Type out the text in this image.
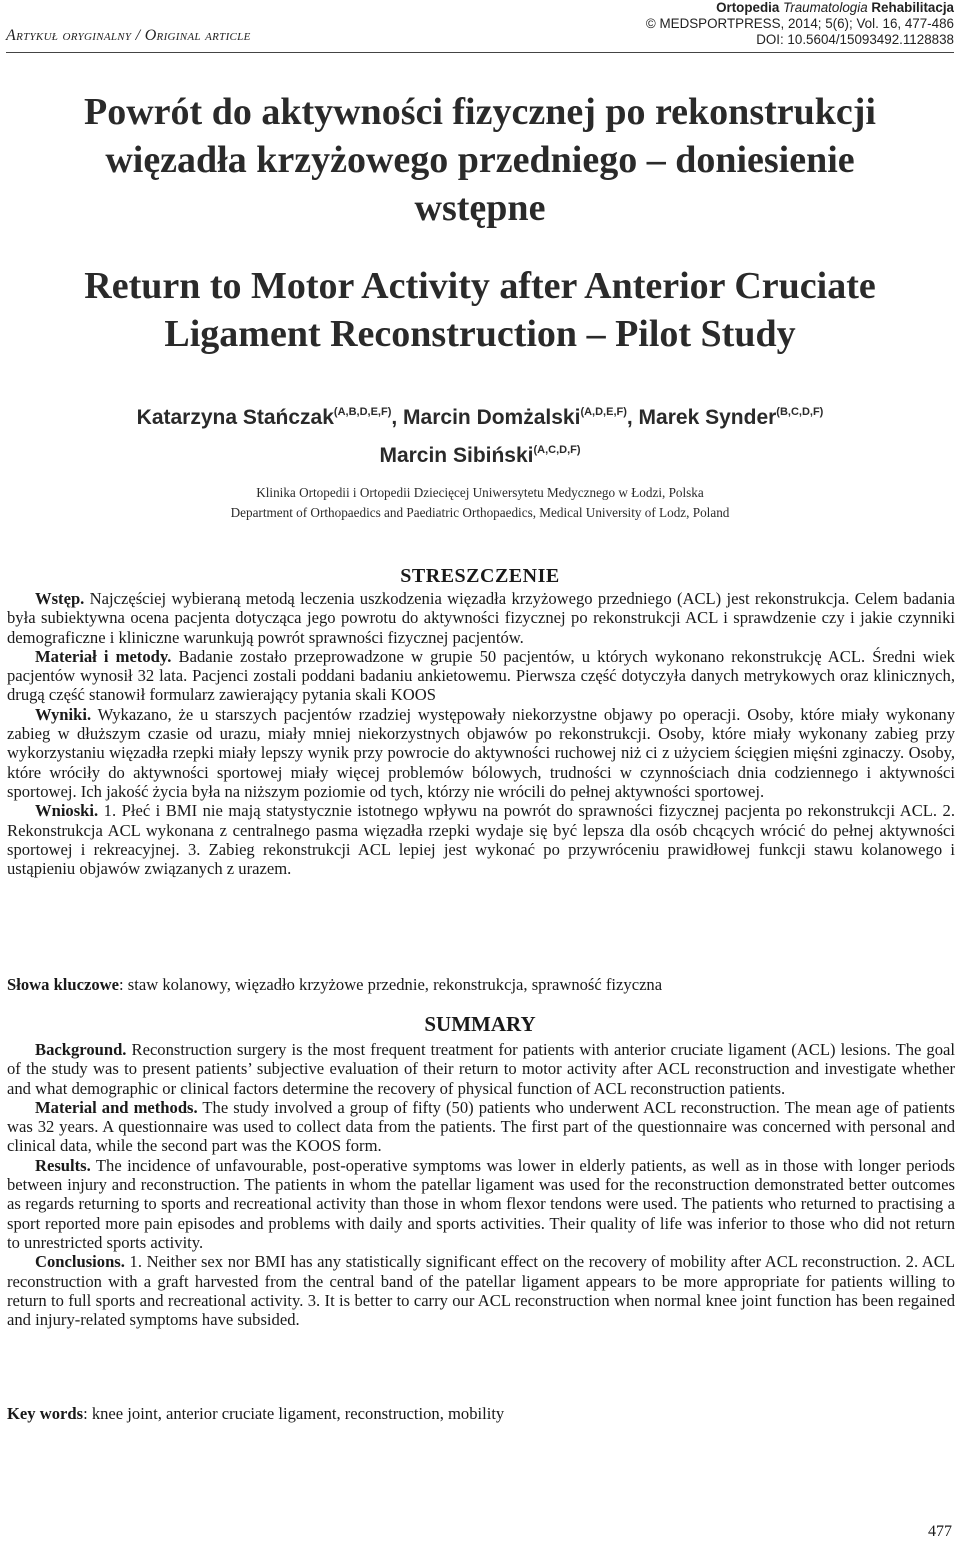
Artykuł oryginalny / Original article
Ortopedia Traumatologia Rehabilitacja
© MEDSPORTPRESS, 2014; 5(6); Vol. 16, 477-486
DOI: 10.5604/15093492.1128838
Powrót do aktywności fizycznej po rekonstrukcji
więzadła krzyżowego przedniego – doniesienie
wstępne
Return to Motor Activity after Anterior Cruciate
Ligament Reconstruction – Pilot Study
Katarzyna Stańczak$^{(A,B,D,E,F)}$, Marcin Domżalski$^{(A,D,E,F)}$, Marek Synder$^{(B,C,D,F)}$
Marcin Sibiński$^{(A,C,D,F)}$
Klinika Ortopedii i Ortopedii Dziecięcej Uniwersytetu Medycznego w Łodzi, Polska
Department of Orthopaedics and Paediatric Orthopaedics, Medical University of Lodz, Poland
STRESZCZENIE

Wstęp. Najczęściej wybieraną metodą leczenia uszkodzenia więzadła krzyżowego przedniego (ACL) jest rekonstrukcja. Celem badania była subiektywna ocena pacjenta dotycząca jego powrotu do aktywności fizycznej po rekonstrukcji ACL i sprawdzenie czy i jakie czynniki demograficzne i kliniczne warunkują powrót sprawności fizycznej pacjentów.

Materiał i metody. Badanie zostało przeprowadzone w grupie 50 pacjentów, u których wykonano rekonstrukcję ACL. Średni wiek pacjentów wynosił 32 lata. Pacjenci zostali poddani badaniu ankietowemu. Pierwsza część dotyczyła danych metrykowych oraz klinicznych, drugą część stanowił formularz zawierający pytania skali KOOS

Wyniki. Wykazano, że u starszych pacjentów rzadziej występowały niekorzystne objawy po operacji. Osoby, które miały wykonany zabieg w dłuższym czasie od urazu, miały mniej niekorzystnych objawów po rekonstrukcji. Osoby, które miały wykonany zabieg przy wykorzystaniu więzadła rzepki miały lepszy wynik przy powrocie do aktywności ruchowej niż ci z użyciem ścięgien mięśni zginaczy. Osoby, które wróciły do aktywności sportowej miały więcej problemów bólowych, trudności w czynnościach dnia codziennego i aktywności sportowej. Ich jakość życia była na niższym poziomie od tych, którzy nie wrócili do pełnej aktywności sportowej.

Wnioski. 1. Płeć i BMI nie mają statystycznie istotnego wpływu na powrót do sprawności fizycznej pacjenta po rekonstrukcji ACL. 2. Rekonstrukcja ACL wykonana z centralnego pasma więzadła rzepki wydaje się być lepsza dla osób chcących wrócić do pełnej aktywności sportowej i rekreacyjnej. 3. Zabieg rekonstrukcji ACL lepiej jest wykonać po przywróceniu prawidłowej funkcji stawu kolanowego i ustąpieniu objawów związanych z urazem.

Słowa kluczowe: staw kolanowy, więzadło krzyżowe przednie, rekonstrukcja, sprawność fizyczna
SUMMARY

Background. Reconstruction surgery is the most frequent treatment for patients with anterior cruciate ligament (ACL) lesions. The goal of the study was to present patients’ subjective evaluation of their return to motor activity after ACL reconstruction and investigate whether and what demographic or clinical factors determine the recovery of physical function of ACL reconstruction patients.

Material and methods. The study involved a group of fifty (50) patients who underwent ACL reconstruction. The mean age of patients was 32 years. A questionnaire was used to collect data from the patients. The first part of the questionnaire was concerned with personal and clinical data, while the second part was the KOOS form.

Results. The incidence of unfavourable, post-operative symptoms was lower in elderly patients, as well as in those with longer periods between injury and reconstruction. The patients in whom the patellar ligament was used for the reconstruction demonstrated better outcomes as regards returning to sports and recreational activity than those in whom flexor tendons were used. The patients who returned to practising a sport reported more pain episodes and problems with daily and sports activities. Their quality of life was inferior to those who did not return to unrestricted sports activity.

Conclusions. 1. Neither sex nor BMI has any statistically significant effect on the recovery of mobility after ACL reconstruction. 2. ACL reconstruction with a graft harvested from the central band of the patellar ligament appears to be more appropriate for patients willing to return to full sports and recreational activity. 3. It is better to carry our ACL reconstruction when normal knee joint function has been regained and injury-related symptoms have subsided.

Key words: knee joint, anterior cruciate ligament, reconstruction, mobility
477
